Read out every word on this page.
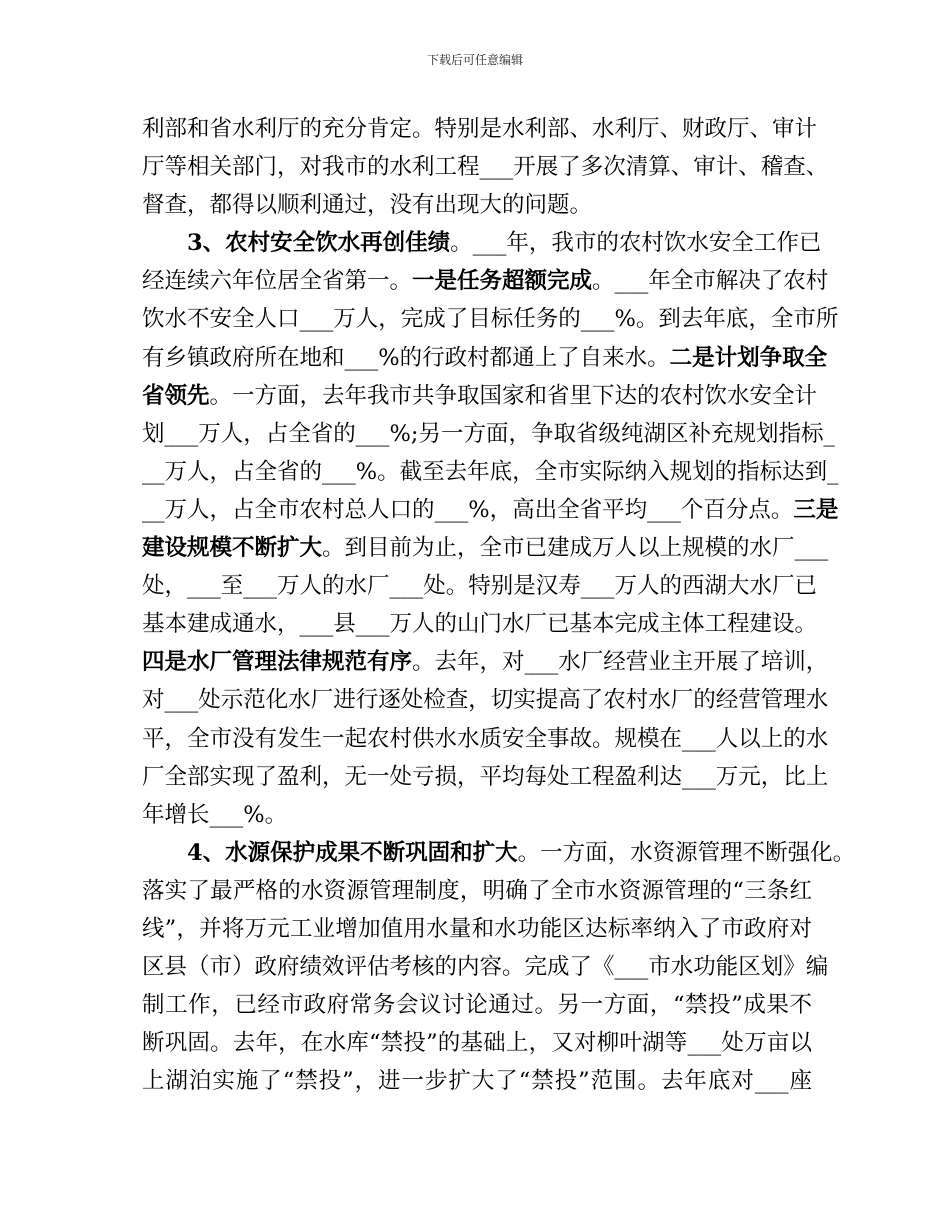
下载后可任意编辑
利部和省水利厅的充分肯定。特别是水利部、水利厅、财政厅、审计
厅等相关部门，对我市的水利工程___开展了多次清算、审计、稽查、
督查，都得以顺利通过，没有出现大的问题。
3、农村安全饮水再创佳绩。___年，我市的农村饮水安全工作已
经连续六年位居全省第一。一是任务超额完成。___年全市解决了农村
饮水不安全人口___万人，完成了目标任务的___%。到去年底，全市所
有乡镇政府所在地和___%的行政村都通上了自来水。二是计划争取全
省领先。一方面，去年我市共争取国家和省里下达的农村饮水安全计
划___万人，占全省的___%;另一方面，争取省级纯湖区补充规划指标_
__万人，占全省的___%。截至去年底，全市实际纳入规划的指标达到_
__万人，占全市农村总人口的___%，高出全省平均___个百分点。三是
建设规模不断扩大。到目前为止，全市已建成万人以上规模的水厂___
处，___至___万人的水厂___处。特别是汉寿___万人的西湖大水厂已
基本建成通水，___县___万人的山门水厂已基本完成主体工程建设。
四是水厂管理法律规范有序。去年，对___水厂经营业主开展了培训，
对___处示范化水厂进行逐处检查，切实提高了农村水厂的经营管理水
平，全市没有发生一起农村供水水质安全事故。规模在___人以上的水
厂全部实现了盈利，无一处亏损，平均每处工程盈利达___万元，比上
年增长___%。
4、水源保护成果不断巩固和扩大。一方面，水资源管理不断强化。
落实了最严格的水资源管理制度，明确了全市水资源管理的“三条红
线”，并将万元工业增加值用水量和水功能区达标率纳入了市政府对
区县（市）政府绩效评估考核的内容。完成了《___市水功能区划》编
制工作，已经市政府常务会议讨论通过。另一方面，“禁投”成果不
断巩固。去年，在水库“禁投”的基础上，又对柳叶湖等___处万亩以
上湖泊实施了“禁投”，进一步扩大了“禁投”范围。去年底对___座
